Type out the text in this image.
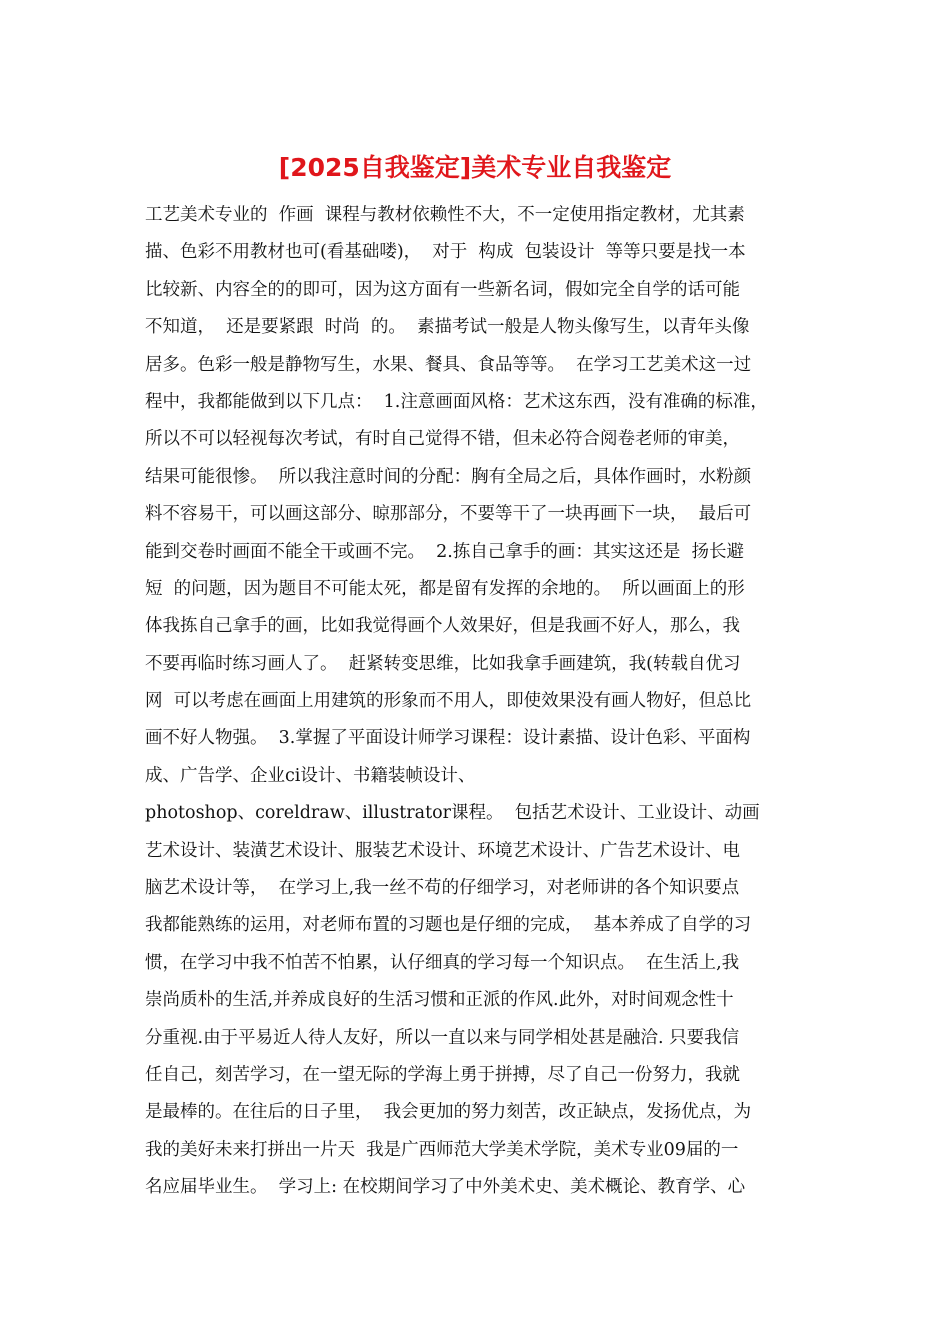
[2025自我鉴定]美术专业自我鉴定
工艺美术专业的  作画  课程与教材依赖性不大，不一定使用指定教材，尤其素
描、色彩不用教材也可(看基础喽)，  对于  构成  包装设计  等等只要是找一本
比较新、内容全的的即可，因为这方面有一些新名词，假如完全自学的话可能
不知道，  还是要紧跟  时尚  的。  素描考试一般是人物头像写生，以青年头像
居多。色彩一般是静物写生，水果、餐具、食品等等。  在学习工艺美术这一过
程中，我都能做到以下几点：  1.注意画面风格：艺术这东西，没有准确的标准，
所以不可以轻视每次考试，有时自己觉得不错，但未必符合阅卷老师的审美，
结果可能很惨。  所以我注意时间的分配：胸有全局之后，具体作画时，水粉颜
料不容易干，可以画这部分、晾那部分，不要等干了一块再画下一块，  最后可
能到交卷时画面不能全干或画不完。  2.拣自己拿手的画：其实这还是  扬长避
短  的问题，因为题目不可能太死，都是留有发挥的余地的。  所以画面上的形
体我拣自己拿手的画，比如我觉得画个人效果好，但是我画不好人，那么，我
不要再临时练习画人了。  赶紧转变思维，比如我拿手画建筑，我(转载自优习
网  可以考虑在画面上用建筑的形象而不用人，即使效果没有画人物好，但总比
画不好人物强。  3.掌握了平面设计师学习课程：设计素描、设计色彩、平面构
成、广告学、企业ci设计、书籍装帧设计、
photoshop、coreldraw、illustrator课程。  包括艺术设计、工业设计、动画
艺术设计、装潢艺术设计、服装艺术设计、环境艺术设计、广告艺术设计、电
脑艺术设计等，  在学习上,我一丝不苟的仔细学习，对老师讲的各个知识要点
我都能熟练的运用，对老师布置的习题也是仔细的完成，  基本养成了自学的习
惯，在学习中我不怕苦不怕累，认仔细真的学习每一个知识点。  在生活上,我
崇尚质朴的生活,并养成良好的生活习惯和正派的作风.此外，对时间观念性十
分重视.由于平易近人待人友好，所以一直以来与同学相处甚是融洽. 只要我信
任自己，刻苦学习，在一望无际的学海上勇于拼搏，尽了自己一份努力，我就
是最棒的。在往后的日子里，  我会更加的努力刻苦，改正缺点，发扬优点，为
我的美好未来打拼出一片天  我是广西师范大学美术学院，美术专业09届的一
名应届毕业生。  学习上: 在校期间学习了中外美术史、美术概论、教育学、心
